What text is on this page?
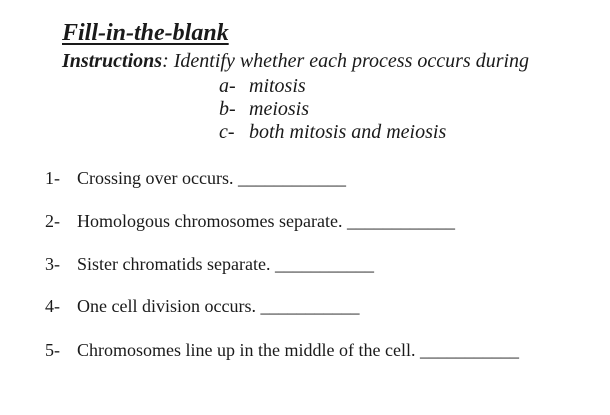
Fill-in-the-blank
Instructions: Identify whether each process occurs during
a- mitosis
b- meiosis
c- both mitosis and meiosis
1- Crossing over occurs. ____________
2- Homologous chromosomes separate. ____________
3- Sister chromatids separate. ___________
4- One cell division occurs. ___________
5- Chromosomes line up in the middle of the cell. ___________
